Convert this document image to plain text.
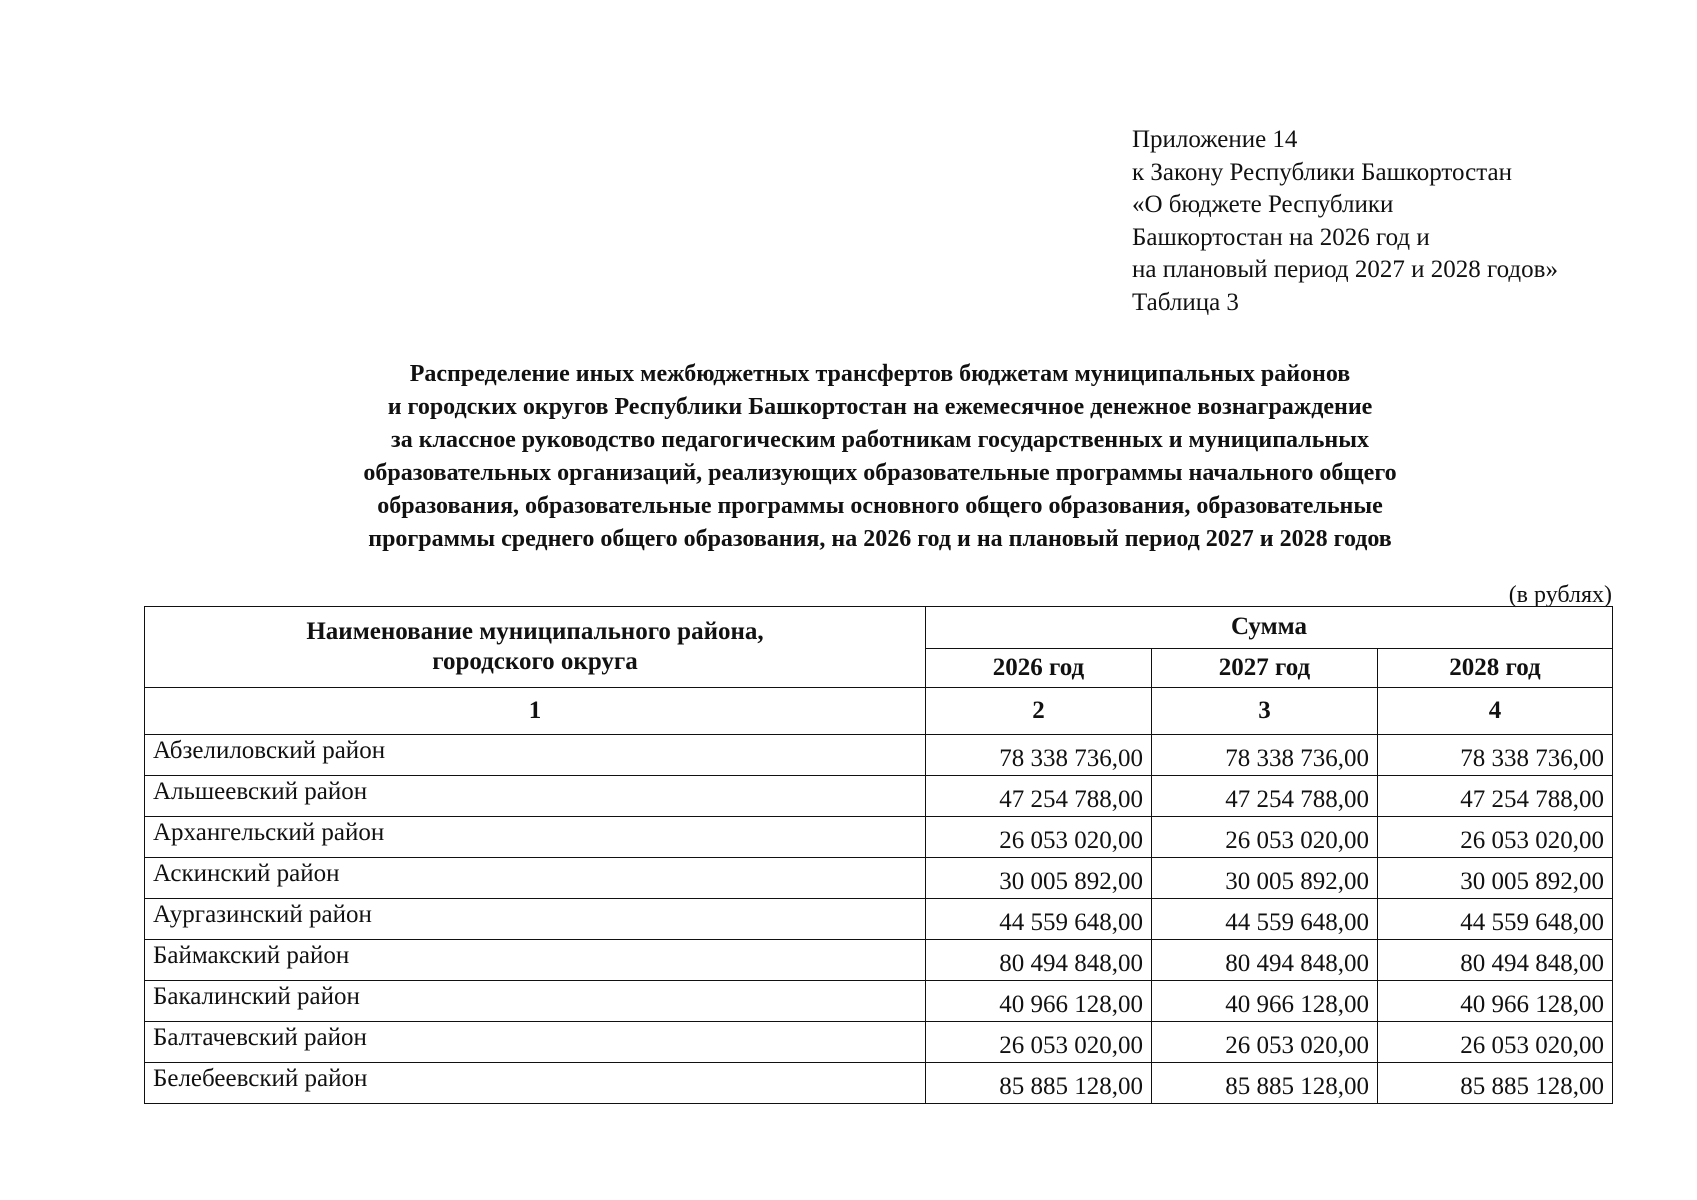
Приложение 14
к Закону Республики Башкортостан
«О бюджете Республики
Башкортостан на 2026 год и
на плановый период 2027 и 2028 годов»
Таблица 3
Распределение иных межбюджетных трансфертов бюджетам муниципальных районов
и городских округов Республики Башкортостан на ежемесячное денежное вознаграждение
за классное руководство педагогическим работникам государственных и муниципальных
образовательных организаций, реализующих образовательные программы начального общего
образования, образовательные программы основного общего образования, образовательные
программы среднего общего образования, на 2026 год и на плановый период 2027 и 2028 годов
(в рублях)
Наименование муниципального района,
городского округа	Сумма		
	2026 год	2027 год	2028 год
1	2	3	4
Абзелиловский район	78 338 736,00	78 338 736,00	78 338 736,00
Альшеевский район	47 254 788,00	47 254 788,00	47 254 788,00
Архангельский район	26 053 020,00	26 053 020,00	26 053 020,00
Аскинский район	30 005 892,00	30 005 892,00	30 005 892,00
Аургазинский район	44 559 648,00	44 559 648,00	44 559 648,00
Баймакский район	80 494 848,00	80 494 848,00	80 494 848,00
Бакалинский район	40 966 128,00	40 966 128,00	40 966 128,00
Балтачевский район	26 053 020,00	26 053 020,00	26 053 020,00
Белебеевский район	85 885 128,00	85 885 128,00	85 885 128,00
